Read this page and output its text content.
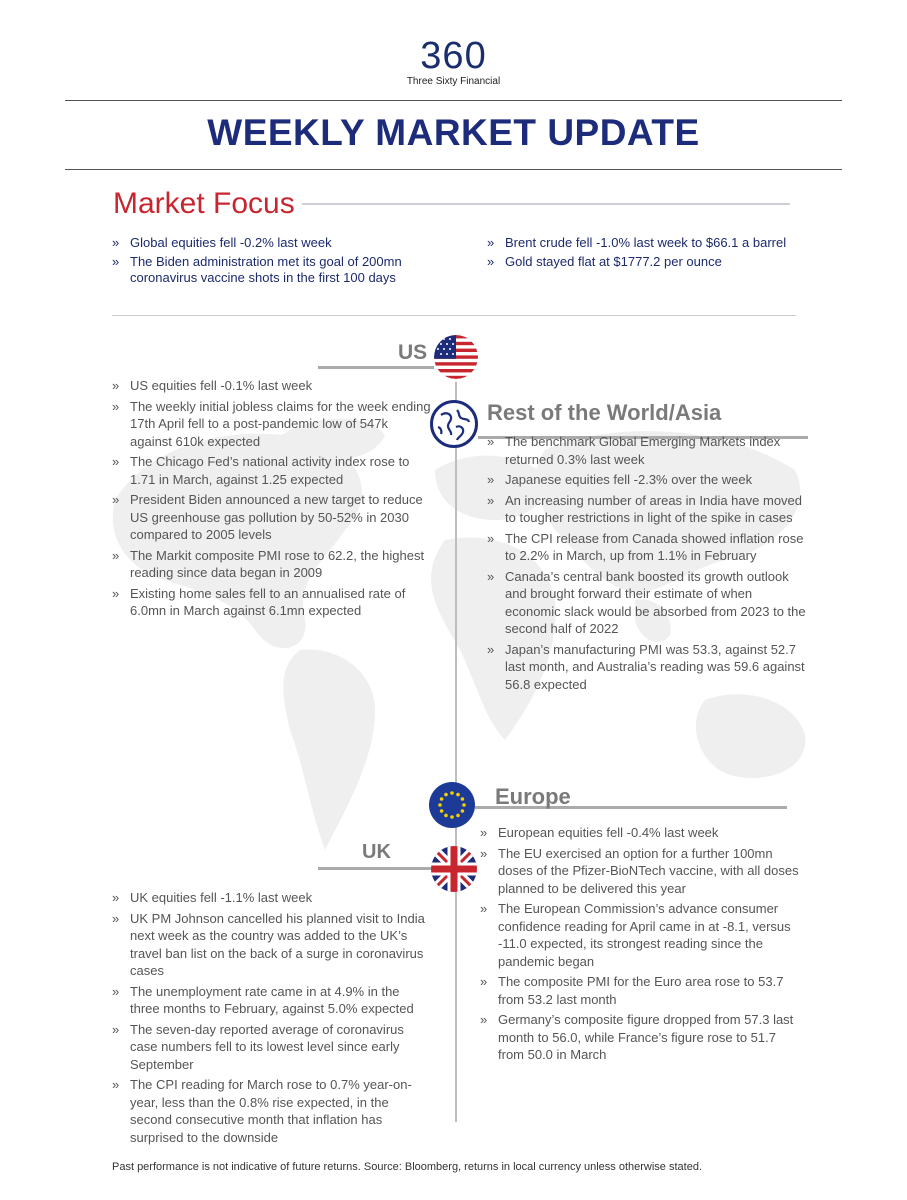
360
Three Sixty Financial
WEEKLY MARKET UPDATE
Market Focus
» Global equities fell -0.2% last week
» The Biden administration met its goal of 200mn coronavirus vaccine shots in the first 100 days
» Brent crude fell -1.0% last week to $66.1 a barrel
» Gold stayed flat at $1777.2 per ounce
US
» US equities fell -0.1% last week
» The weekly initial jobless claims for the week ending 17th April fell to a post-pandemic low of 547k against 610k expected
» The Chicago Fed’s national activity index rose to 1.71 in March, against 1.25 expected
» President Biden announced a new target to reduce US greenhouse gas pollution by 50-52% in 2030 compared to 2005 levels
» The Markit composite PMI rose to 62.2, the highest reading since data began in 2009
» Existing home sales fell to an annualised rate of 6.0mn in March against 6.1mn expected
Rest of the World/Asia
» The benchmark Global Emerging Markets index returned 0.3% last week
» Japanese equities fell -2.3% over the week
» An increasing number of areas in India have moved to tougher restrictions in light of the spike in cases
» The CPI release from Canada showed inflation rose to 2.2% in March, up from 1.1% in February
» Canada’s central bank boosted its growth outlook and brought forward their estimate of when economic slack would be absorbed from 2023 to the second half of 2022
» Japan’s manufacturing PMI was 53.3, against 52.7 last month, and Australia’s reading was 59.6 against 56.8 expected
Europe
» European equities fell -0.4% last week
» The EU exercised an option for a further 100mn doses of the Pfizer-BioNTech vaccine, with all doses planned to be delivered this year
» The European Commission’s advance consumer confidence reading for April came in at -8.1, versus -11.0 expected, its strongest reading since the pandemic began
» The composite PMI for the Euro area rose to 53.7 from 53.2 last month
» Germany’s composite figure dropped from 57.3 last month to 56.0, while France’s figure rose to 51.7 from 50.0 in March
UK
» UK equities fell -1.1% last week
» UK PM Johnson cancelled his planned visit to India next week as the country was added to the UK’s travel ban list on the back of a surge in coronavirus cases
» The unemployment rate came in at 4.9% in the three months to February, against 5.0% expected
» The seven-day reported average of coronavirus case numbers fell to its lowest level since early September
» The CPI reading for March rose to 0.7% year-on-year, less than the 0.8% rise expected, in the second consecutive month that inflation has surprised to the downside
Past performance is not indicative of future returns. Source: Bloomberg, returns in local currency unless otherwise stated.
